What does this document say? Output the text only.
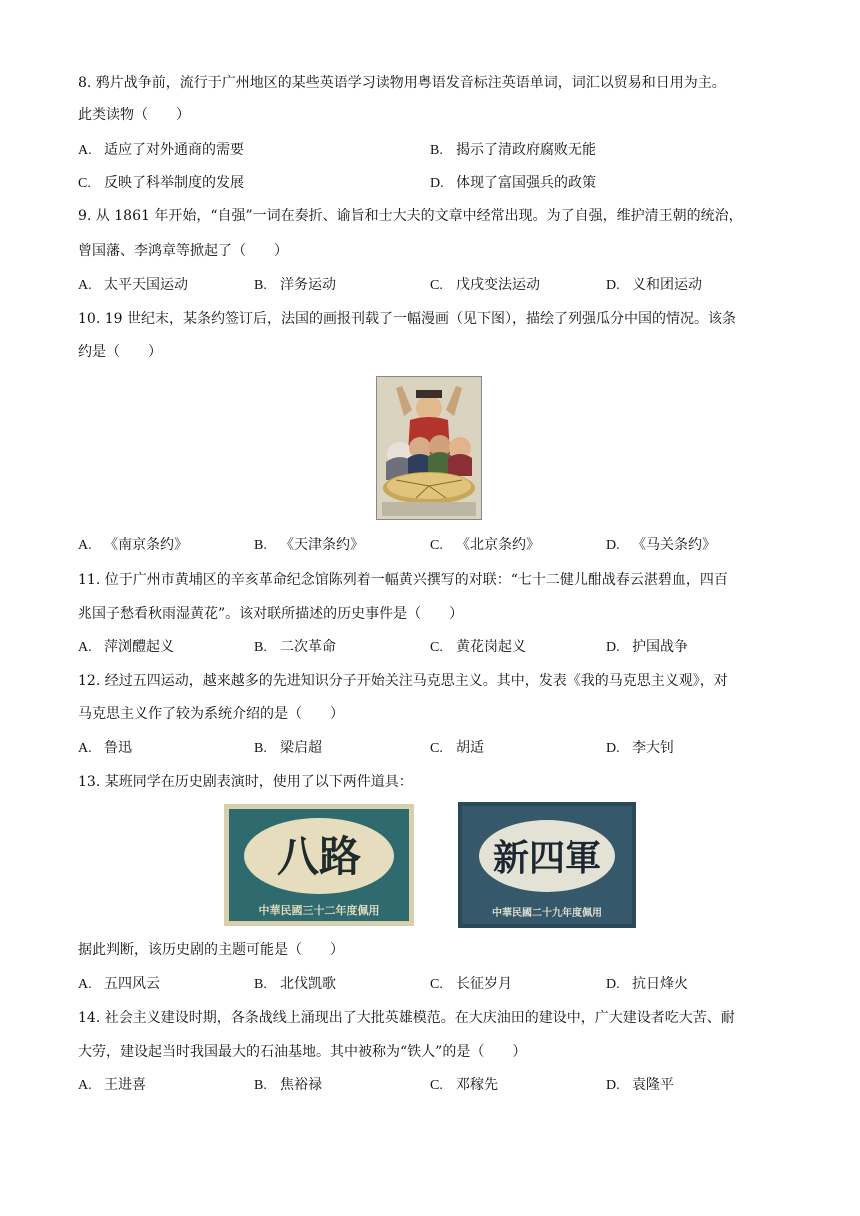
8. 鸦片战争前，流行于广州地区的某些英语学习读物用粤语发音标注英语单词，词汇以贸易和日用为主。
此类读物（　　）
A. 适应了对外通商的需要	B. 揭示了清政府腐败无能
C. 反映了科举制度的发展	D. 体现了富国强兵的政策
9. 从 1861 年开始，“自强”一词在奏折、谕旨和士大夫的文章中经常出现。为了自强，维护清王朝的统治，
曾国藩、李鸿章等掀起了（　　）
A. 太平天国运动	B. 洋务运动	C. 戊戌变法运动	D. 义和团运动
10. 19 世纪末，某条约签订后，法国的画报刊载了一幅漫画（见下图），描绘了列强瓜分中国的情况。该条
约是（　　）
A. 《南京条约》	B. 《天津条约》	C. 《北京条约》	D. 《马关条约》
11. 位于广州市黄埔区的辛亥革命纪念馆陈列着一幅黄兴撰写的对联：“七十二健儿酣战春云湛碧血，四百
兆国子愁看秋雨湿黄花”。该对联所描述的历史事件是（　　）
A. 萍浏醴起义	B. 二次革命	C. 黄花岗起义	D. 护国战争
12. 经过五四运动，越来越多的先进知识分子开始关注马克思主义。其中，发表《我的马克思主义观》，对
马克思主义作了较为系统介绍的是（　　）
A. 鲁迅	B. 梁启超	C. 胡适	D. 李大钊
13. 某班同学在历史剧表演时，使用了以下两件道具：
八路
中華民國三十二年度佩用
新四軍
中華民國二十九年度佩用
据此判断，该历史剧的主题可能是（　　）
A. 五四风云	B. 北伐凯歌	C. 长征岁月	D. 抗日烽火
14. 社会主义建设时期，各条战线上涌现出了大批英雄模范。在大庆油田的建设中，广大建设者吃大苦、耐
大劳，建设起当时我国最大的石油基地。其中被称为“铁人”的是（　　）
A. 王进喜	B. 焦裕禄	C. 邓稼先	D. 袁隆平
